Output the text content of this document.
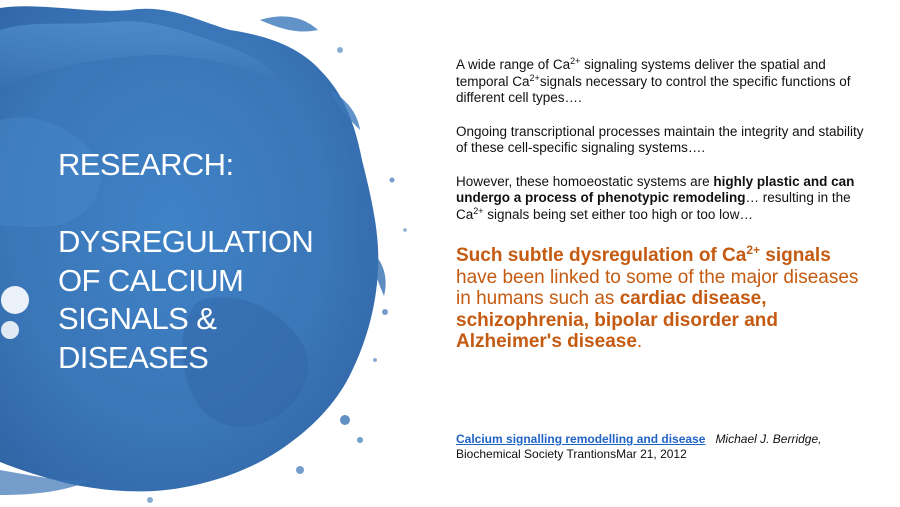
RESEARCH:
DYSREGULATION
OF CALCIUM
SIGNALS &
DISEASES

A wide range of $Ca^{2+}$ signaling systems deliver the spatial and temporal $Ca^{2+}signals$ necessary to control the specific functions of different cell types….

Ongoing transcriptional processes maintain the integrity and stability of these cell-specific signaling systems….

However, these homoeostatic systems are highly plastic and can undergo a process of phenotypic remodeling… resulting in the $Ca^{2+}$ signals being set either too high or too low…

Such subtle dysregulation of $Ca^{2+}$ signals have been linked to some of the major diseases in humans such as cardiac disease, schizophrenia, bipolar disorder and Alzheimer's disease.

Calcium signalling remodelling and disease Michael J. Berridge,
Biochemical Society TrantionsMar 21, 2012
